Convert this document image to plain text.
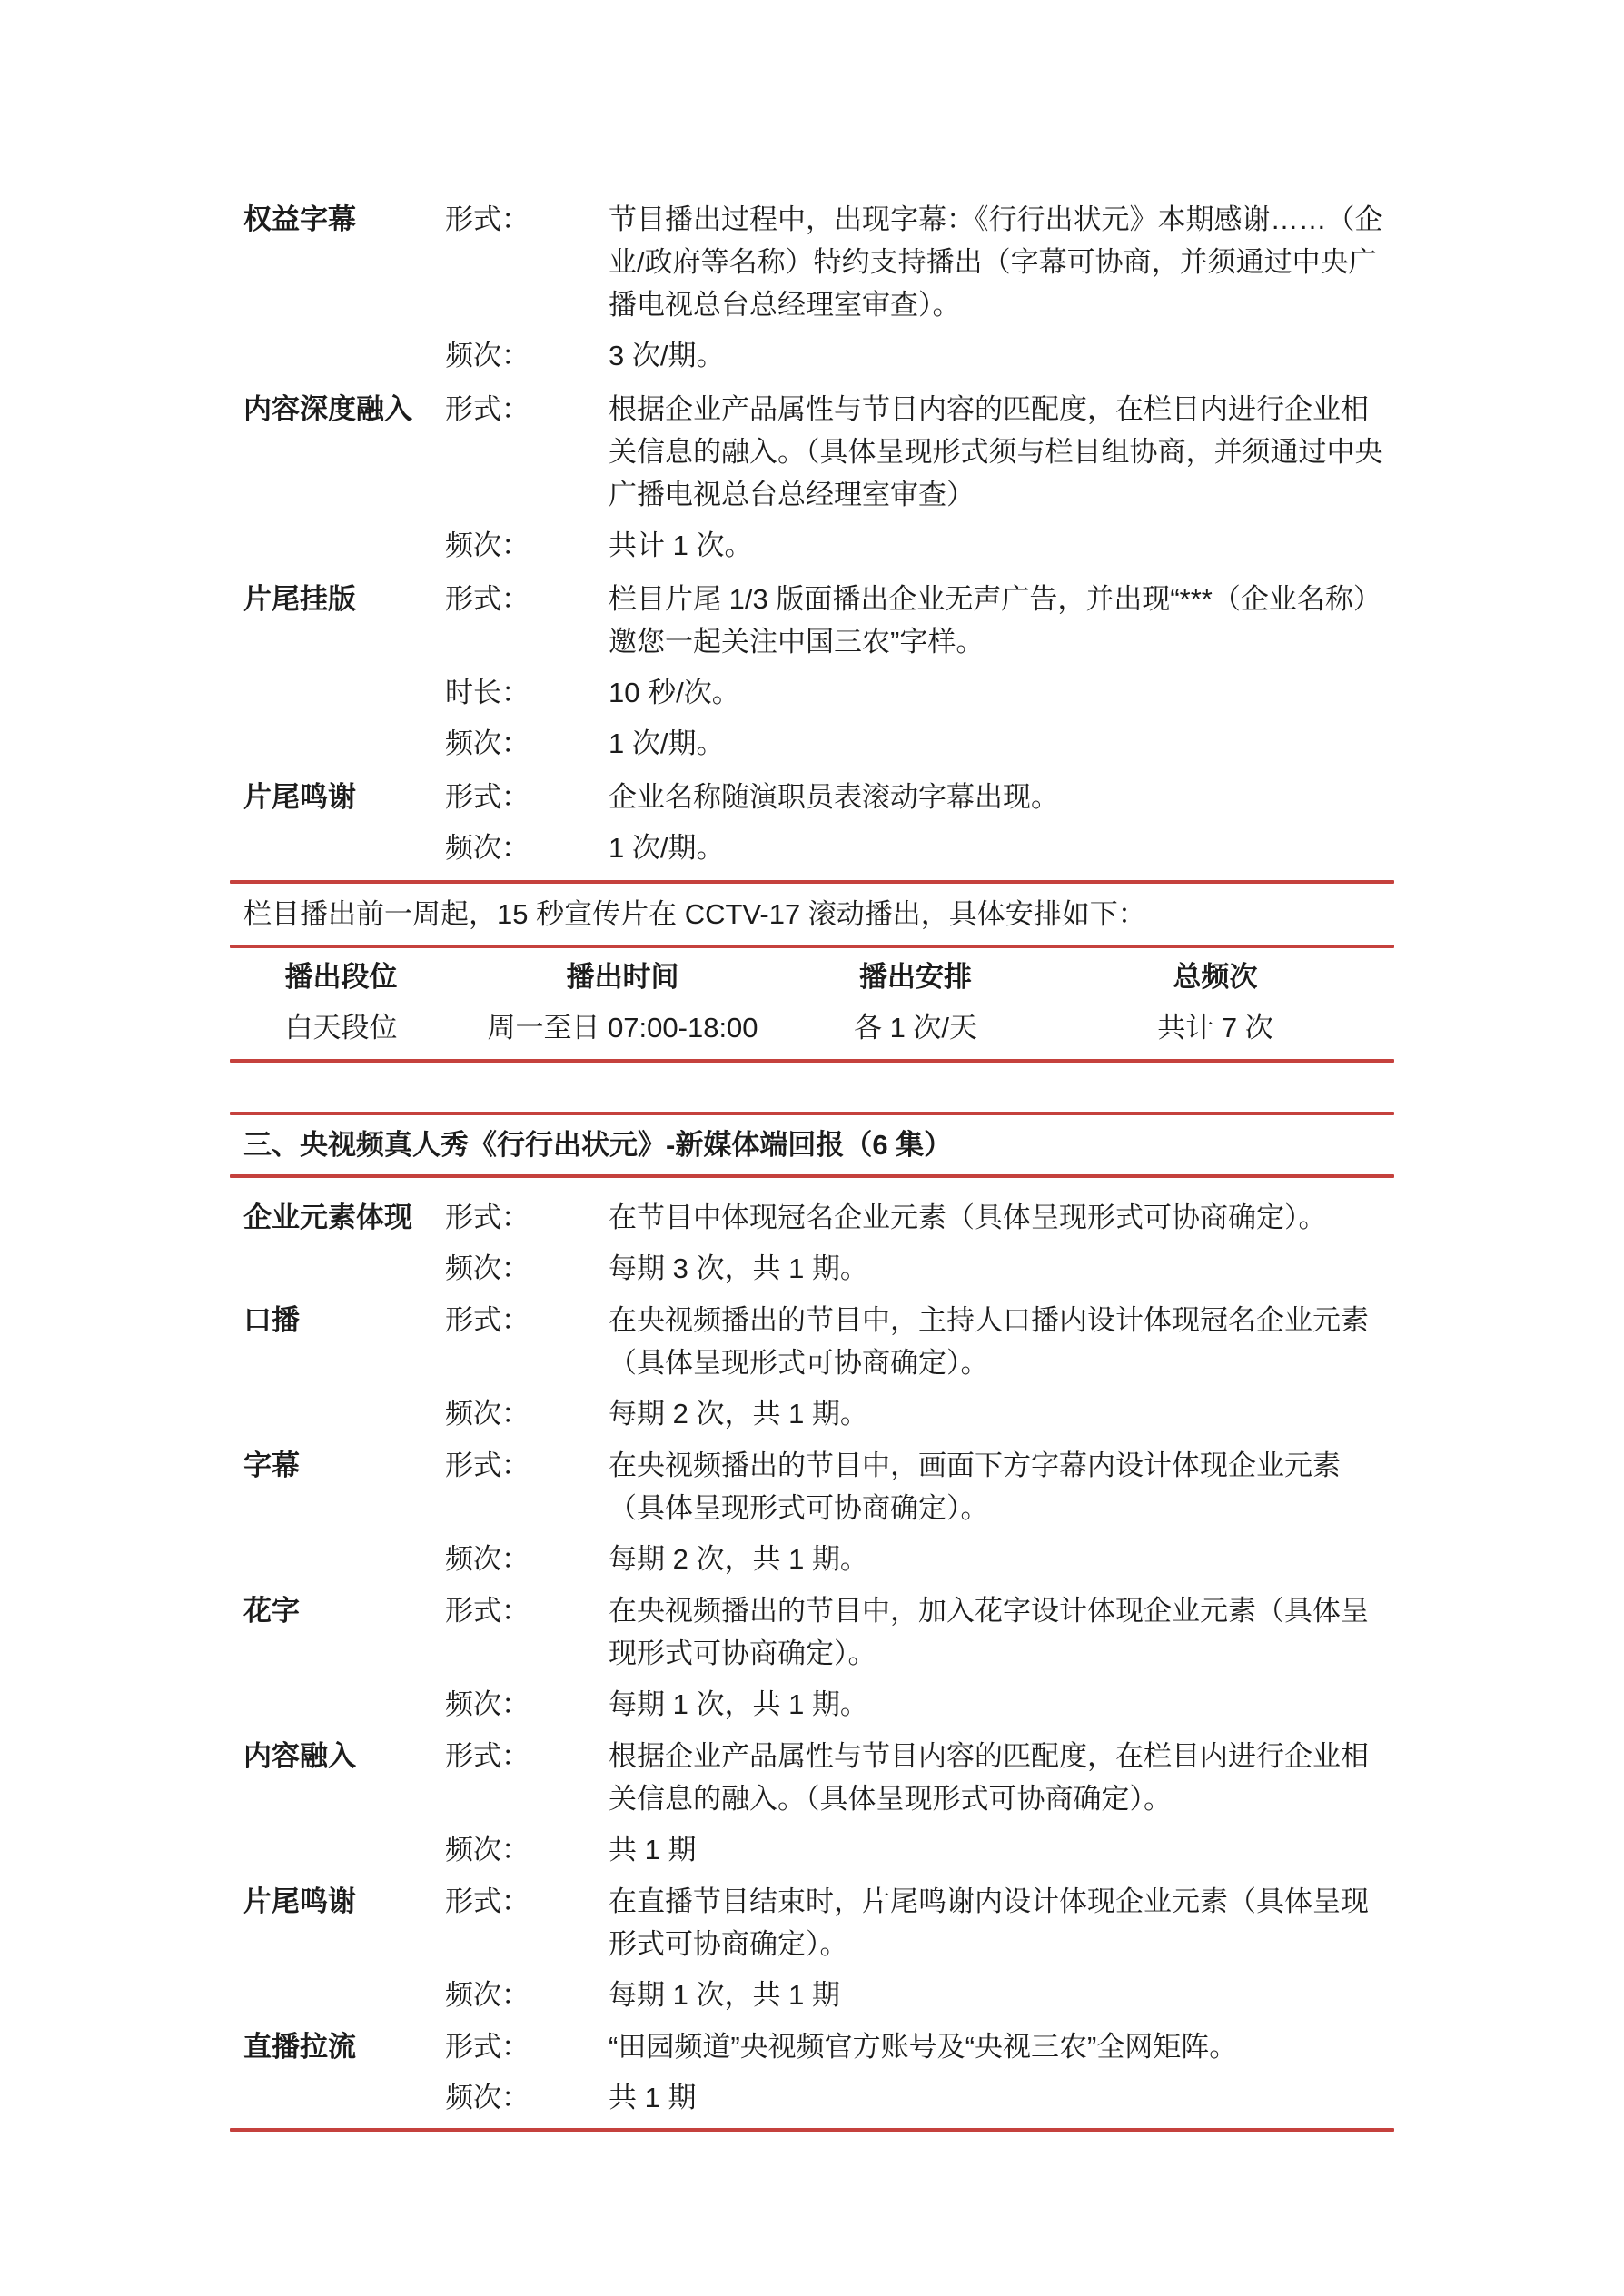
权益字幕	形式：	节目播出过程中，出现字幕：《行行出状元》本期感谢……（企业/政府等名称）特约支持播出（字幕可协商，并须通过中央广播电视总台总经理室审查）。
频次：	3 次/期。
内容深度融入	形式：	根据企业产品属性与节目内容的匹配度，在栏目内进行企业相关信息的融入。（具体呈现形式须与栏目组协商，并须通过中央广播电视总台总经理室审查）
频次：	共计 1 次。
片尾挂版	形式：	栏目片尾 1/3 版面播出企业无声广告，并出现“***（企业名称）邀您一起关注中国三农”字样。
时长：	10 秒/次。
频次：	1 次/期。
片尾鸣谢	形式：	企业名称随演职员表滚动字幕出现。
频次：	1 次/期。
栏目播出前一周起，15 秒宣传片在 CCTV-17 滚动播出，具体安排如下：
播出段位	播出时间	播出安排	总频次
白天段位	周一至日 07:00-18:00	各 1 次/天	共计 7 次
三、央视频真人秀《行行出状元》-新媒体端回报（6 集）
企业元素体现	形式：	在节目中体现冠名企业元素（具体呈现形式可协商确定）。
频次：	每期 3 次，共 1 期。
口播	形式：	在央视频播出的节目中，主持人口播内设计体现冠名企业元素（具体呈现形式可协商确定）。
频次：	每期 2 次，共 1 期。
字幕	形式：	在央视频播出的节目中，画面下方字幕内设计体现企业元素（具体呈现形式可协商确定）。
频次：	每期 2 次，共 1 期。
花字	形式：	在央视频播出的节目中，加入花字设计体现企业元素（具体呈现形式可协商确定）。
频次：	每期 1 次，共 1 期。
内容融入	形式：	根据企业产品属性与节目内容的匹配度，在栏目内进行企业相关信息的融入。（具体呈现形式可协商确定）。
频次：	共 1 期
片尾鸣谢	形式：	在直播节目结束时，片尾鸣谢内设计体现企业元素（具体呈现形式可协商确定）。
频次：	每期 1 次，共 1 期
直播拉流	形式：	“田园频道”央视频官方账号及“央视三农”全网矩阵。
频次：	共 1 期
